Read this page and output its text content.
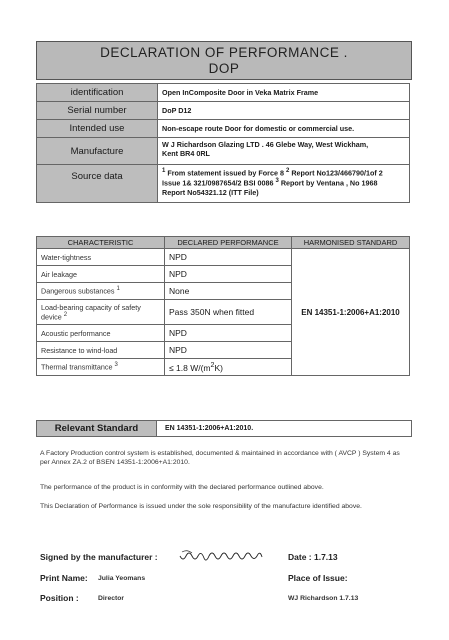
DECLARATION OF PERFORMANCE .
DOP
identification	Open InComposite Door in Veka Matrix Frame
Serial number	DoP D12
Intended use	Non-escape route Door for domestic or commercial use.
Manufacture	W J Richardson Glazing LTD . 46 Glebe Way, West Wickham, Kent BR4 0RL
Source data	$^1$ From statement issued by Force 8 $^2$ Report No123/466790/1of 2 Issue 1& 321/0987654/2 BSI 0086 $^3$ Report by Ventana , No 1968 Report No54321.12 (ITT File)
CHARACTERISTIC	DECLARED PERFORMANCE	HARMONISED STANDARD
Water-tightness	NPD	EN 14351-1:2006+A1:2010
Air leakage	NPD	
Dangerous substances $^1$	None	
Load-bearing capacity of safety device $^2$	Pass 350N when fitted	
Acoustic performance	NPD	
Resistance to wind-load	NPD	
Thermal transmittance $^3$	≤ 1.8 $W/(m^2K)$	
Relevant Standard	EN 14351-1:2006+A1:2010.
A Factory Production control system is established, documented & maintained in accordance with ( AVCP ) System 4 as per Annex ZA.2 of BSEN 14351-1:2006+A1:2010.
The performance of the product is in conformity with the declared performance outlined above.
This Declaration of Performance is issued under the sole responsibility of the manufacture identified above.
Signed by the manufacturer :	Date : 1.7.13
Print Name: Julia Yeomans	Place of Issue:
Position :	Director	WJ Richardson 1.7.13
